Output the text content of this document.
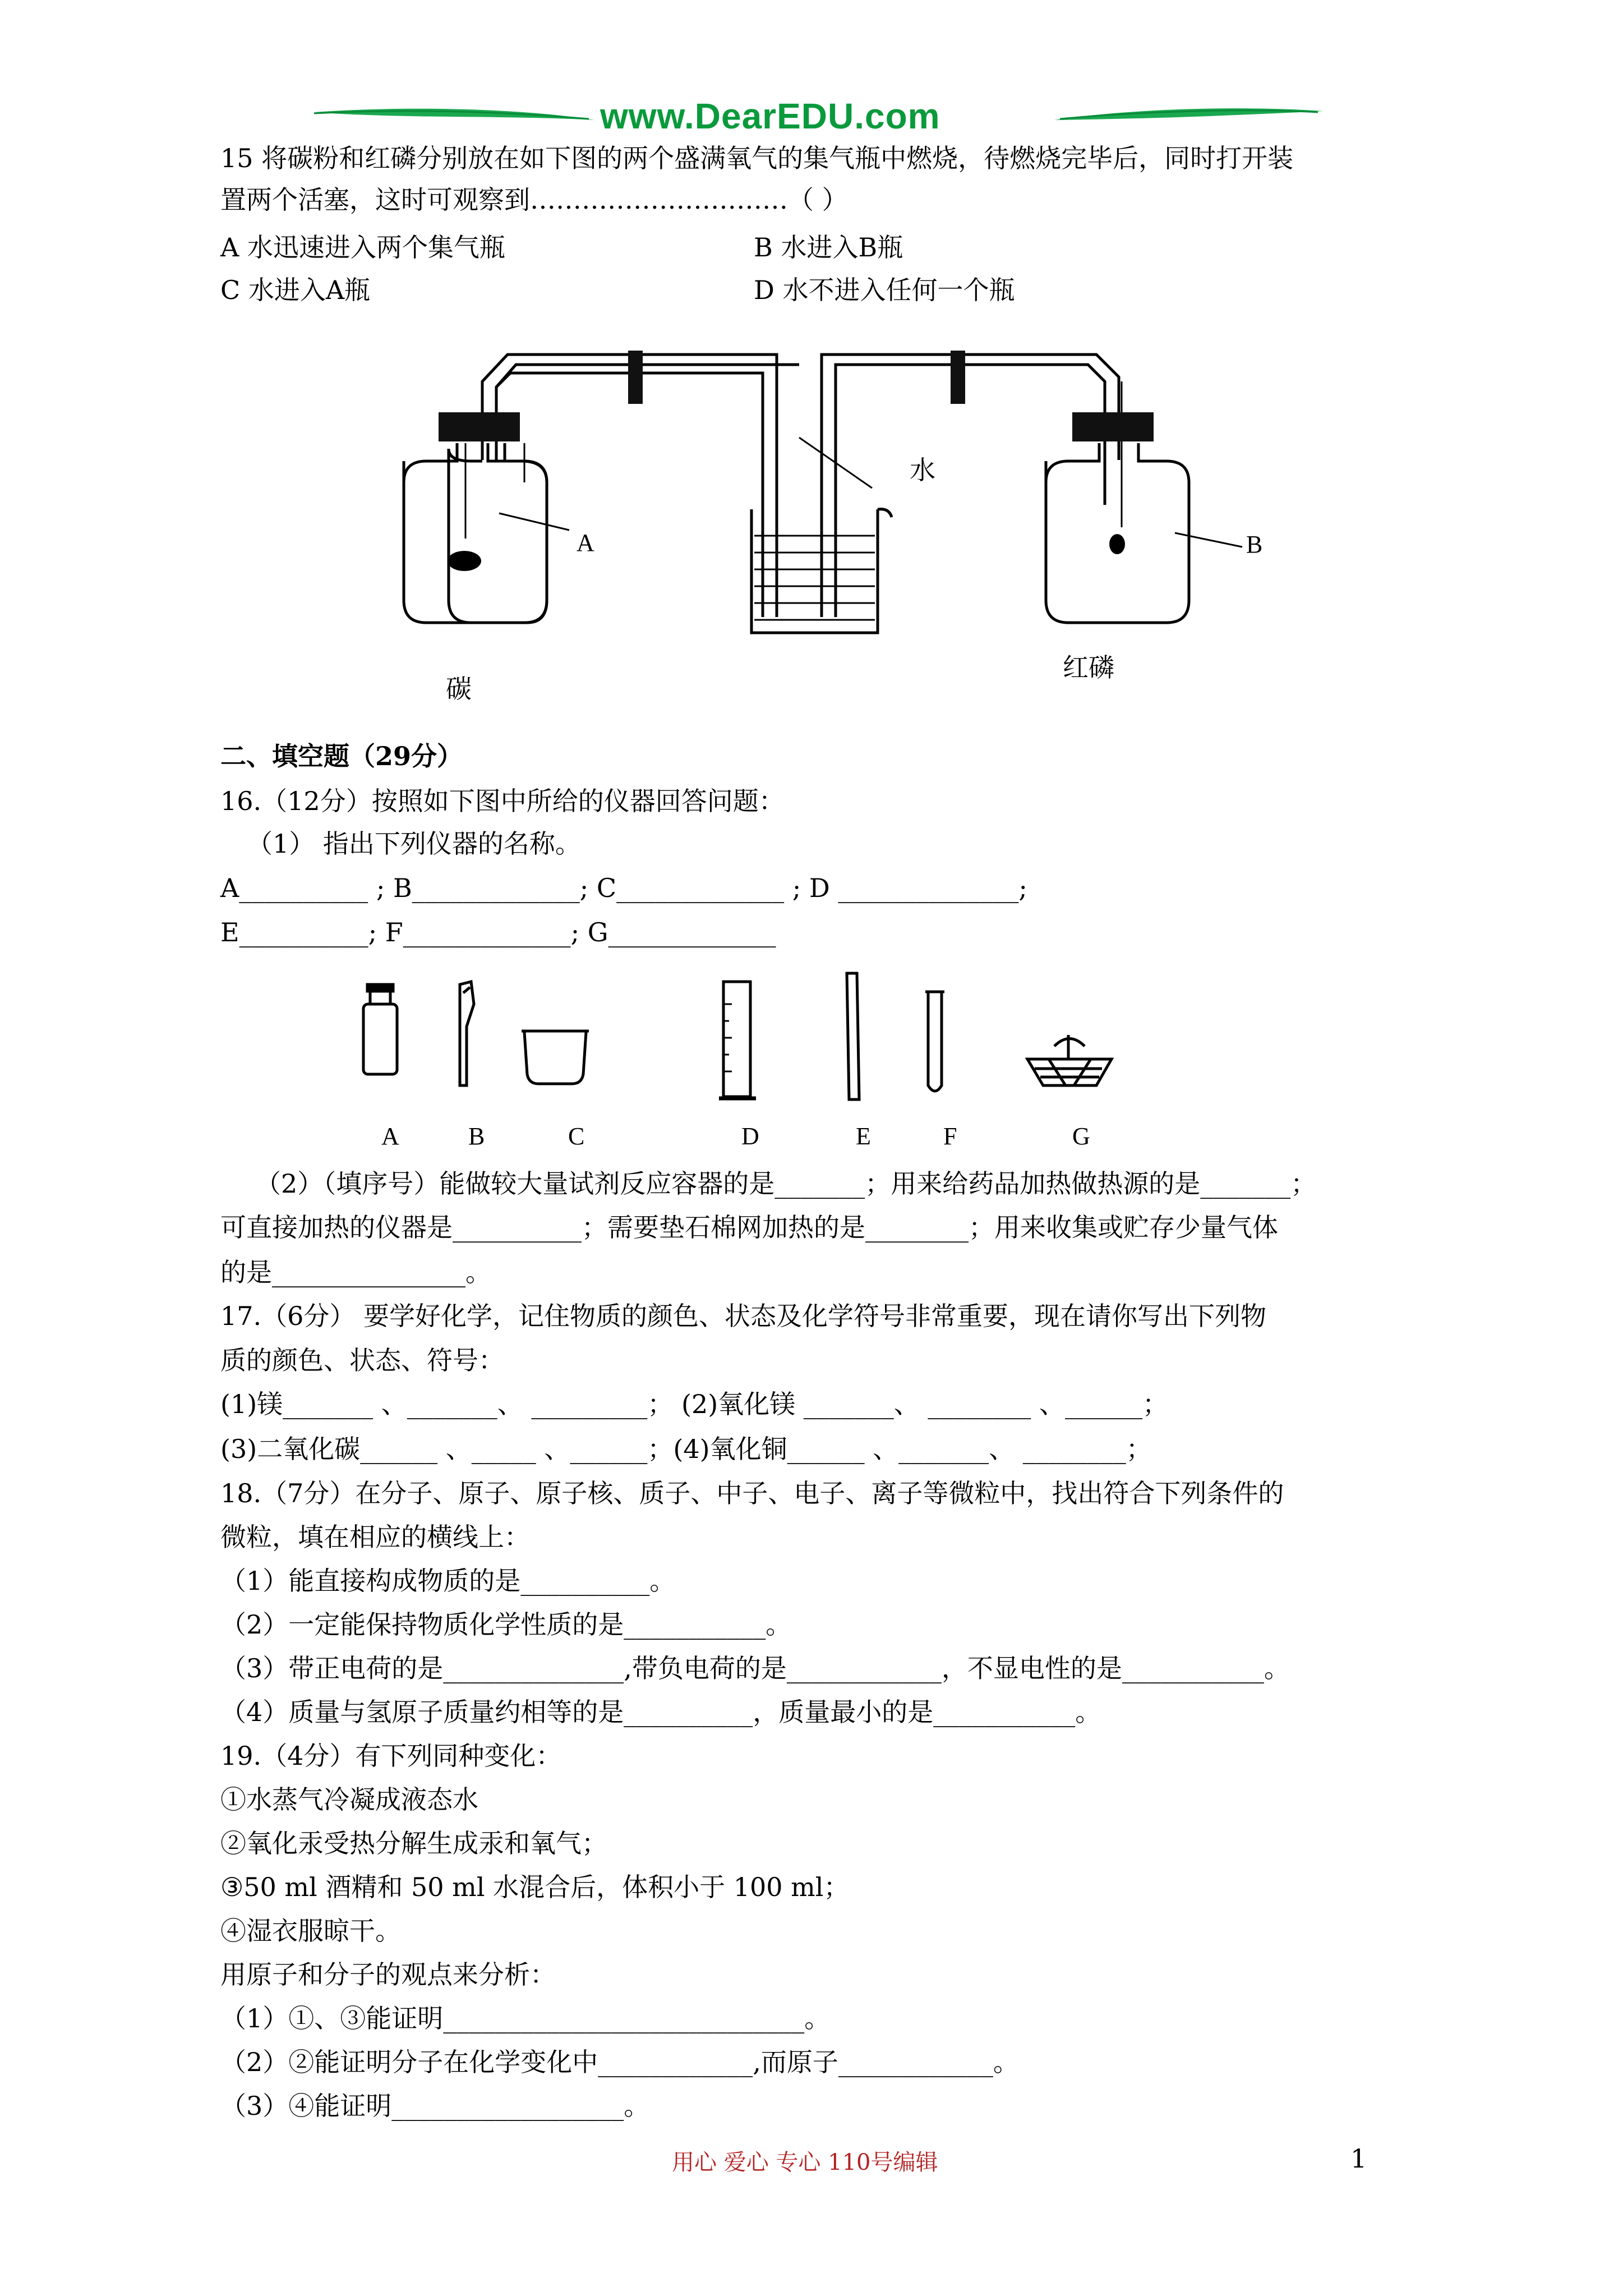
www.DearEDU.com
15 将碳粉和红磷分别放在如下图的两个盛满氧气的集气瓶中燃烧，待燃烧完毕后，同时打开装
置两个活塞，这时可观察到…………………………（ ）
A 水迅速进入两个集气瓶	B 水进入B瓶
C 水进入A瓶	D 水不进入任何一个瓶
A	B
水
碳
红磷
二、填空题（29分）
16.（12分）按照如下图中所给的仪器回答问题：
（1） 指出下列仪器的名称。
A__________ ; B_____________; C_____________ ; D ______________;
E__________; F_____________; G_____________
A	B	C	D	E	F	G
（2）（填序号）能做较大量试剂反应容器的是_______；用来给药品加热做热源的是_______；
可直接加热的仪器是__________；需要垫石棉网加热的是________；用来收集或贮存少量气体
的是_______________。
17.（6分） 要学好化学，记住物质的颜色、状态及化学符号非常重要，现在请你写出下列物
质的颜色、状态、符号：
(1)镁_______ 、_______、 _________； (2)氧化镁 _______、 ________ 、______；
(3)二氧化碳______ 、_____ 、______；(4)氧化铜______ 、_______、 ________；
18.（7分）在分子、原子、原子核、质子、中子、电子、离子等微粒中，找出符合下列条件的
微粒，填在相应的横线上：
（1）能直接构成物质的是__________。
（2）一定能保持物质化学性质的是___________。
（3）带正电荷的是______________,带负电荷的是____________，不显电性的是___________。
（4）质量与氢原子质量约相等的是__________，质量最小的是___________。
19.（4分）有下列同种变化：
①水蒸气冷凝成液态水
②氧化汞受热分解生成汞和氧气；
③50 ml 酒精和 50 ml 水混合后，体积小于 100 ml；
④湿衣服晾干。
用原子和分子的观点来分析：
（1）①、③能证明____________________________。
（2）②能证明分子在化学变化中____________,而原子____________。
（3）④能证明__________________。
用心 爱心 专心 110号编辑	1
